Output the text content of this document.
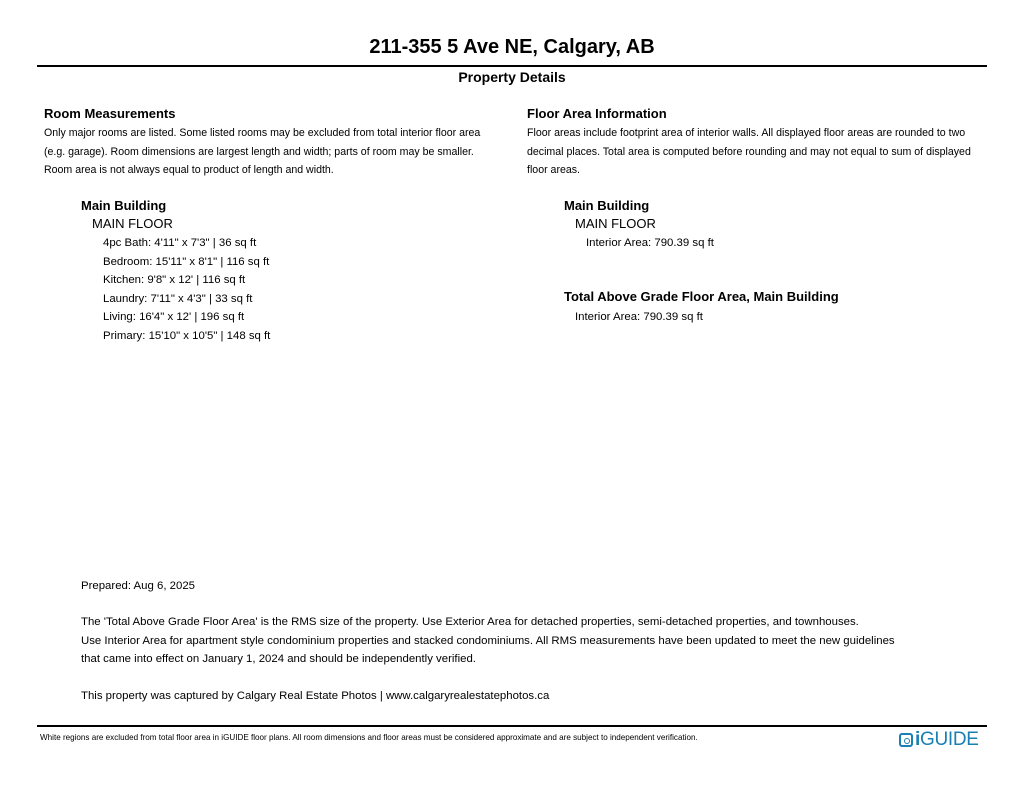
211-355 5 Ave NE, Calgary, AB
Property Details
Room Measurements
Only major rooms are listed. Some listed rooms may be excluded from total interior floor area
(e.g. garage). Room dimensions are largest length and width; parts of room may be smaller.
Room area is not always equal to product of length and width.
Main Building
MAIN FLOOR
4pc Bath: 4'11" x 7'3" | 36 sq ft
Bedroom: 15'11" x 8'1" | 116 sq ft
Kitchen: 9'8" x 12' | 116 sq ft
Laundry: 7'11" x 4'3" | 33 sq ft
Living: 16'4" x 12' | 196 sq ft
Primary: 15'10" x 10'5" | 148 sq ft
Floor Area Information
Floor areas include footprint area of interior walls. All displayed floor areas are rounded to two
decimal places. Total area is computed before rounding and may not equal to sum of displayed
floor areas.
Main Building
MAIN FLOOR
Interior Area: 790.39 sq ft
Total Above Grade Floor Area, Main Building
Interior Area: 790.39 sq ft
Prepared: Aug 6, 2025
The 'Total Above Grade Floor Area' is the RMS size of the property. Use Exterior Area for detached properties, semi-detached properties, and townhouses.
Use Interior Area for apartment style condominium properties and stacked condominiums. All RMS measurements have been updated to meet the new guidelines
that came into effect on January 1, 2024 and should be independently verified.
This property was captured by Calgary Real Estate Photos | www.calgaryrealestatephotos.ca
White regions are excluded from total floor area in iGUIDE floor plans. All room dimensions and floor areas must be considered approximate and are subject to independent verification.	iGUIDE
